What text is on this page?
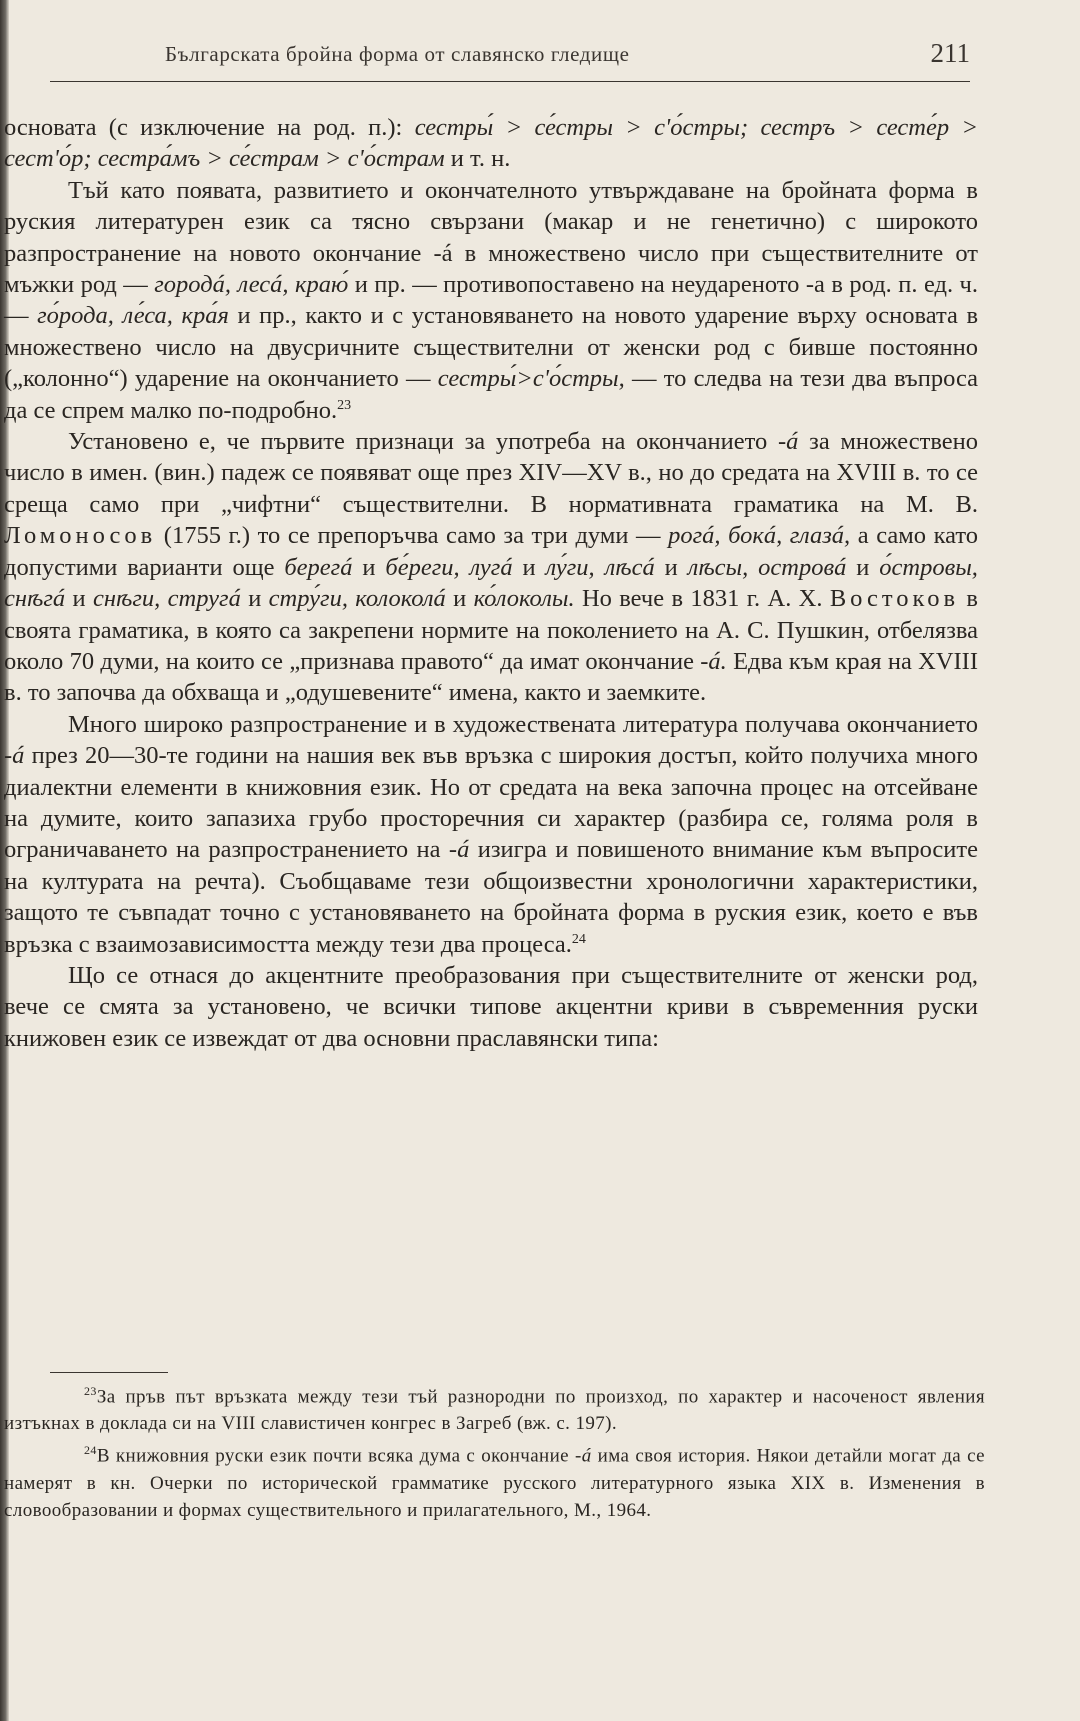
Българската бройна форма от славянско гледище	211

основата (с изключение на род. п.): сестры́ > се́стры > с'о́стры; сестръ > сесте́р > сест'о́р; сестра́мъ > се́страм > с'о́страм и т. н.

Тъй като появата, развитието и окончателното утвърждаване на бройната форма в руския литературен език са тясно свързани (макар и не генетично) с широкото разпространение на новото окончание -á в множествено число при съществителните от мъжки род — городá, лесá, краю́ и пр. — противопоставено на неудареното -а в род. п. ед. ч. — го́рода, ле́са, кра́я и пр., както и с установяването на новото ударение върху основата в множествено число на двусричните съществителни от женски род с бивше постоянно („колонно“) ударение на окончанието — сестры́>с'о́стры, — то следва на тези два въпроса да се спрем малко по-подробно.$^{23}$

Установено е, че първите признаци за употреба на окончанието -á за множествено число в имен. (вин.) падеж се появяват още през XIV—XV в., но до средата на XVIII в. то се среща само при „чифтни“ съществителни. В нормативната граматика на М. В. Ломоносов (1755 г.) то се препоръчва само за три думи — рогá, бокá, глазá, а само като допустими варианти още берегá и бе́реги, лугá и лу́ги, лѣсá и лѣсы, островá и о́стровы, снѣгá и снѣги, стругá и стру́ги, колоколá и ко́локолы. Но вече в 1831 г. А. Х. Востоков в своята граматика, в която са закрепени нормите на поколението на А. С. Пушкин, отбелязва около 70 думи, на които се „признава правото“ да имат окончание -á. Едва към края на XVIII в. то започва да обхваща и „одушевените“ имена, както и заемките.

Много широко разпространение и в художествената литература получава окончанието -á през 20—30-те години на нашия век във връзка с широкия достъп, който получиха много диалектни елементи в книжовния език. Но от средата на века започна процес на отсейване на думите, които запазиха грубо просторечния си характер (разбира се, голяма роля в ограничаването на разпространението на -á изигра и повишеното внимание към въпросите на културата на речта). Съобщаваме тези общоизвестни хронологични характеристики, защото те съвпадат точно с установяването на бройната форма в руския език, което е във връзка с взаимозависимостта между тези два процеса.$^{24}$

Що се отнася до акцентните преобразования при съществителните от женски род, вече се смята за установено, че всички типове акцентни криви в съвременния руски книжовен език се извеждат от два основни праславянски типа:

$^{23}$За пръв път връзката между тези тъй разнородни по произход, по характер и насоченост явления изтъкнах в доклада си на VIII славистичен конгрес в Загреб (вж. с. 197).

$^{24}$В книжовния руски език почти всяка дума с окончание -á има своя история. Някои детайли могат да се намерят в кн. Очерки по исторической грамматике русского литературного языка XIX в. Изменения в словообразовании и формах существительного и прилагательного, М., 1964.
